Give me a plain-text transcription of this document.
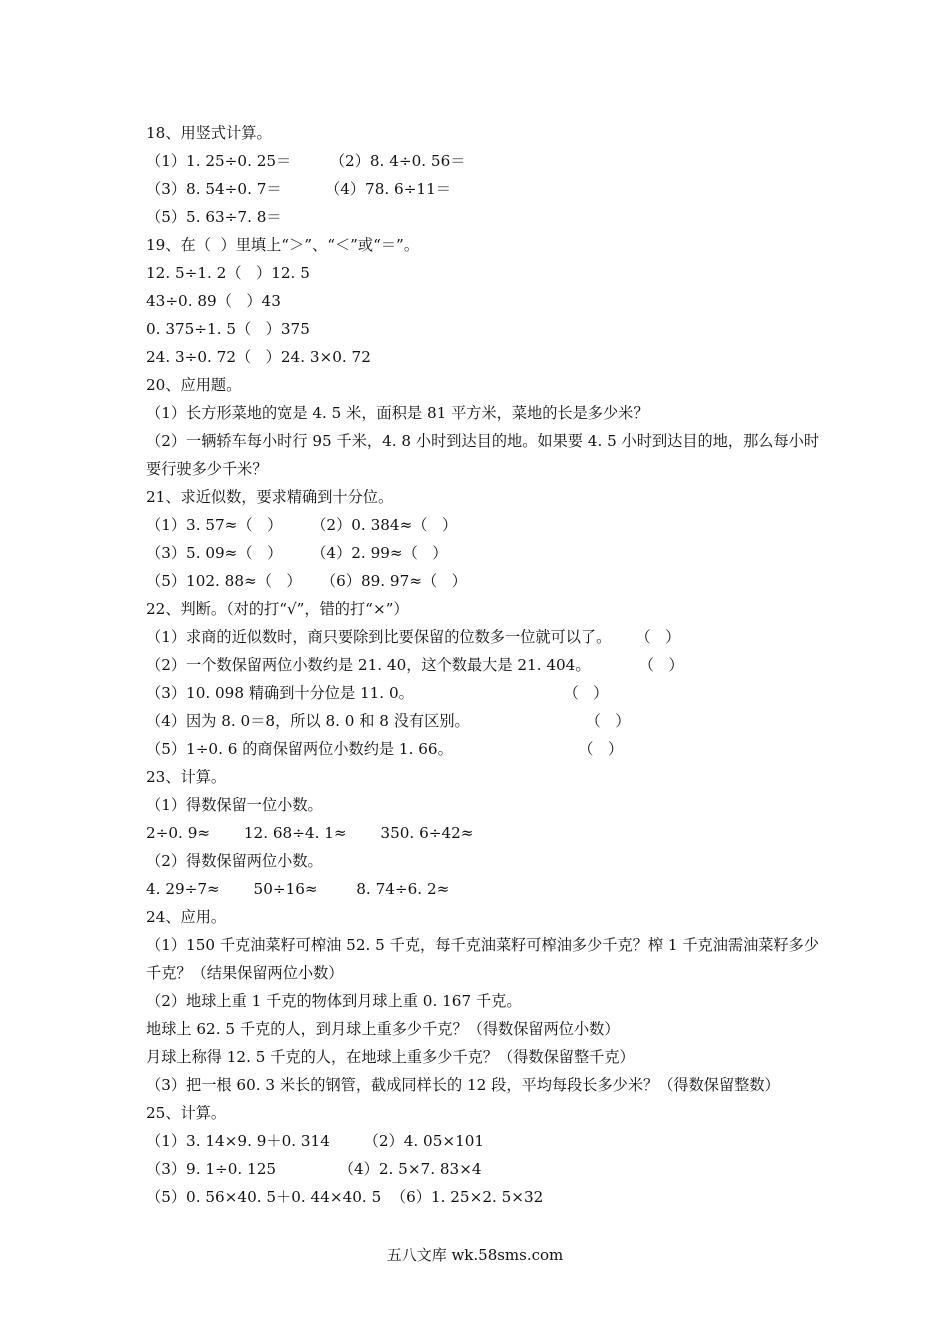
18、用竖式计算。
（1）1. 25÷0. 25＝        （2）8. 4÷0. 56＝
（3）8. 54÷0. 7＝         （4）78. 6÷11＝
（5）5. 63÷7. 8＝
19、在（  ）里填上“＞”、“＜”或“＝”。
12. 5÷1. 2（   ）12. 5
43÷0. 89（   ）43
0. 375÷1. 5（   ）375
24. 3÷0. 72（   ）24. 3×0. 72
20、应用题。
（1）长方形菜地的宽是 4. 5 米，面积是 81 平方米，菜地的长是多少米？
（2）一辆轿车每小时行 95 千米，4. 8 小时到达目的地。如果要 4. 5 小时到达目的地，那么每小时要行驶多少千米？
21、求近似数，要求精确到十分位。
（1）3. 57≈（   ）      （2）0. 384≈（   ）
（3）5. 09≈（   ）      （4）2. 99≈（   ）
（5）102. 88≈（   ）    （6）89. 97≈（   ）
22、判断。（对的打“√”，错的打“×”）
（1）求商的近似数时，商只要除到比要保留的位数多一位就可以了。     （   ）
（2）一个数保留两位小数约是 21. 40，这个数最大是 21. 404。          （   ）
（3）10. 098 精确到十分位是 11. 0。                               （   ）
（4）因为 8. 0＝8，所以 8. 0 和 8 没有区别。                        （   ）
（5）1÷0. 6 的商保留两位小数约是 1. 66。                          （   ）
23、计算。
（1）得数保留一位小数。
2÷0. 9≈       12. 68÷4. 1≈       350. 6÷42≈
（2）得数保留两位小数。
4. 29÷7≈       50÷16≈        8. 74÷6. 2≈
24、应用。
（1）150 千克油菜籽可榨油 52. 5 千克，每千克油菜籽可榨油多少千克？榨 1 千克油需油菜籽多少千克？（结果保留两位小数）
（2）地球上重 1 千克的物体到月球上重 0. 167 千克。
地球上 62. 5 千克的人，到月球上重多少千克？（得数保留两位小数）
月球上称得 12. 5 千克的人，在地球上重多少千克？（得数保留整千克）
（3）把一根 60. 3 米长的钢管，截成同样长的 12 段，平均每段长多少米？（得数保留整数）
25、计算。
（1）3. 14×9. 9＋0. 314       （2）4. 05×101
（3）9. 1÷0. 125             （4）2. 5×7. 83×4
（5）0. 56×40. 5＋0. 44×40. 5  （6）1. 25×2. 5×32
五八文库 wk.58sms.com
